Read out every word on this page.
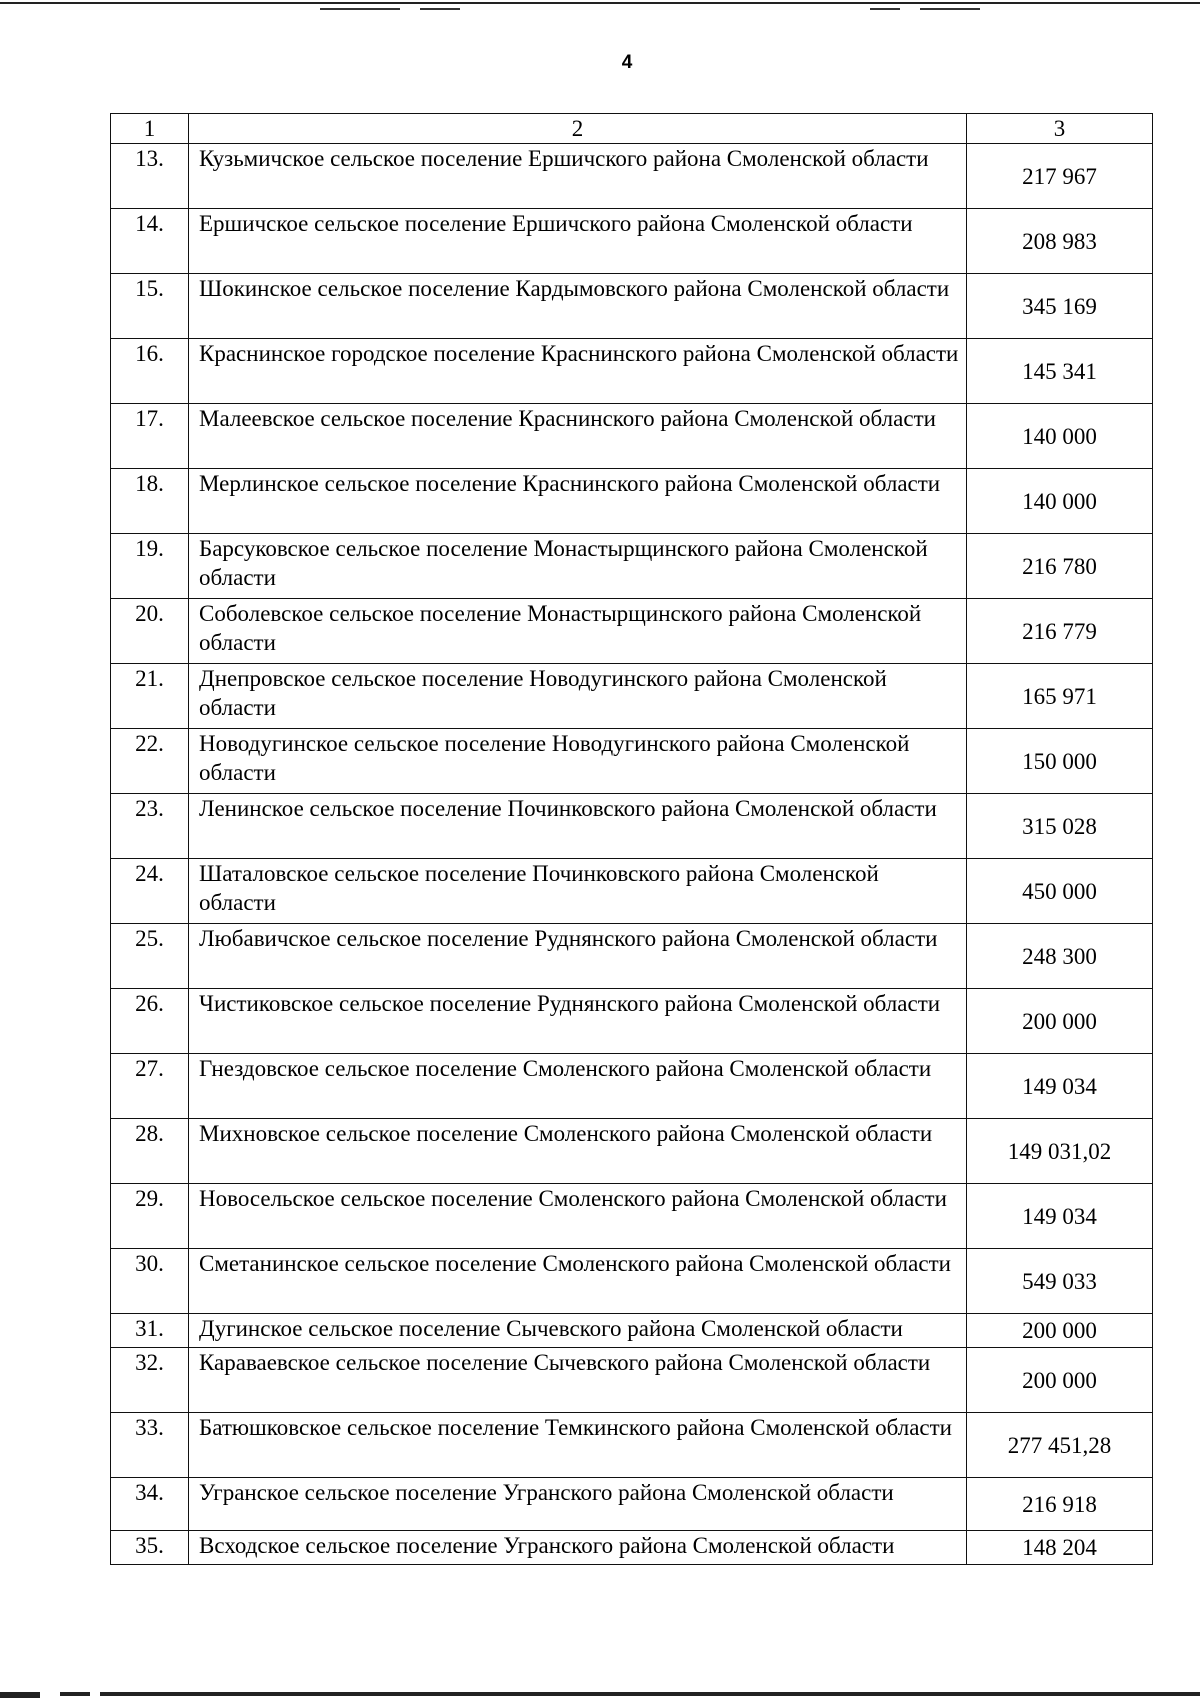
4
1	2	3
13.	Кузьмичское сельское поселение Ершичского района Смоленской области	217 967
14.	Ершичское сельское поселение Ершичского района Смоленской области	208 983
15.	Шокинское сельское поселение Кардымовского района Смоленской области	345 169
16.	Краснинское городское поселение Краснинского района Смоленской области	145 341
17.	Малеевское сельское поселение Краснинского района Смоленской области	140 000
18.	Мерлинское сельское поселение Краснинского района Смоленской области	140 000
19.	Барсуковское сельское поселение Монастырщинского района Смоленской области	216 780
20.	Соболевское сельское поселение Монастырщинского района Смоленской области	216 779
21.	Днепровское сельское поселение Новодугинского района Смоленской области	165 971
22.	Новодугинское сельское поселение Новодугинского района Смоленской области	150 000
23.	Ленинское сельское поселение Починковского района Смоленской области	315 028
24.	Шаталовское сельское поселение Починковского района Смоленской области	450 000
25.	Любавичское сельское поселение Руднянского района Смоленской области	248 300
26.	Чистиковское сельское поселение Руднянского района Смоленской области	200 000
27.	Гнездовское сельское поселение Смоленского района Смоленской области	149 034
28.	Михновское сельское поселение Смоленского района Смоленской области	149 031,02
29.	Новосельское сельское поселение Смоленского района Смоленской области	149 034
30.	Сметанинское сельское поселение Смоленского района Смоленской области	549 033
31.	Дугинское сельское поселение Сычевского района Смоленской области	200 000
32.	Караваевское сельское поселение Сычевского района Смоленской области	200 000
33.	Батюшковское сельское поселение Темкинского района Смоленской области	277 451,28
34.	Угранское сельское поселение Угранского района Смоленской области	216 918
35.	Всходское сельское поселение Угранского района Смоленской области	148 204
